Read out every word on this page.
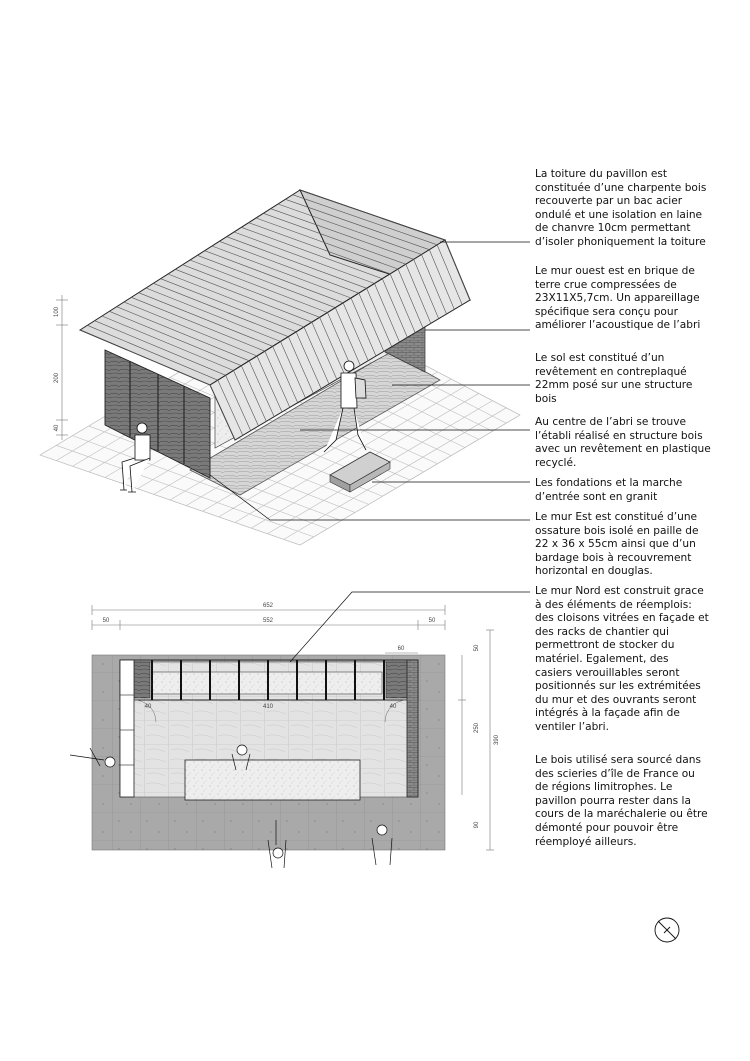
100
200
40
652
50	552	50
60	50
250
90
390
40	40
410
La toiture du pavillon est
constituée d’une charpente bois
recouverte par un bac acier
ondulé et une isolation en laine
de chanvre 10cm permettant
d’isoler phoniquement la toiture
Le mur ouest est en brique de
terre crue compressées de
23X11X5,7cm. Un appareillage
spécifique sera conçu pour
améliorer l’acoustique de l’abri
Le sol est constitué d’un
revêtement en contreplaqué
22mm posé sur une structure
bois
Au centre de l’abri se trouve
l’établi réalisé en structure bois
avec un revêtement en plastique
recyclé.
Les fondations et la marche
d’entrée sont en granit
Le mur Est est constitué d’une
ossature bois isolé en paille de
22 x 36 x 55cm ainsi que d’un
bardage bois à recouvrement
horizontal en douglas.
Le mur Nord est construit grace
à des éléments de réemplois:
des cloisons vitrées en façade et
des racks de chantier qui
permettront de stocker du
matériel. Egalement, des
casiers verouillables seront
positionnés sur les extrémitées
du mur et des ouvrants seront
intégrés à la façade afin de
ventiler l’abri.
Le bois utilisé sera sourcé dans
des scieries d’île de France ou
de régions limitrophes. Le
pavillon pourra rester dans la
cours de la maréchalerie ou être
démonté pour pouvoir être
réemployé ailleurs.
